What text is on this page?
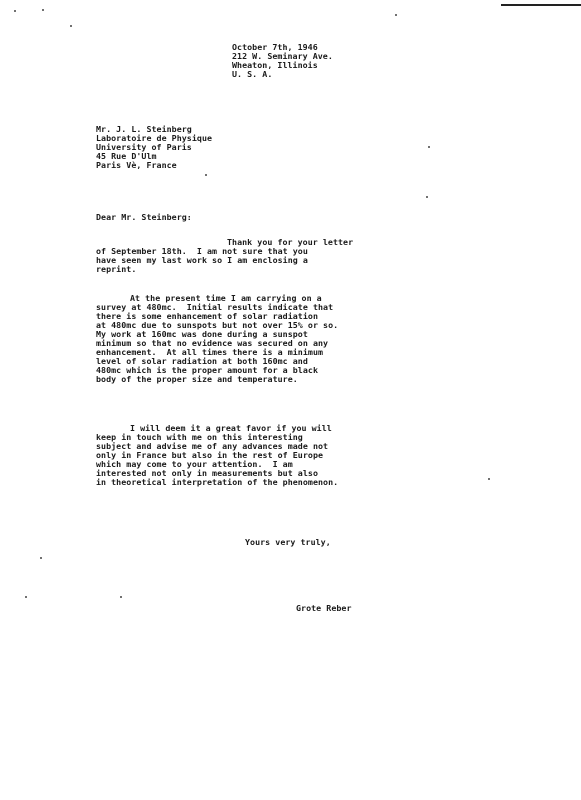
October 7th, 1946
212 W. Seminary Ave.
Wheaton, Illinois
U. S. A.
Mr. J. L. Steinberg
Laboratoire de Physique
University of Paris
45 Rue D'Ulm
Paris Vè, France
Dear Mr. Steinberg:
Thank you for your letter
of September 18th.  I am not sure that you
have seen my last work so I am enclosing a
reprint.
At the present time I am carrying on a
survey at 480mc.  Initial results indicate that
there is some enhancement of solar radiation
at 480mc due to sunspots but not over 15% or so.
My work at 160mc was done during a sunspot
minimum so that no evidence was secured on any
enhancement.  At all times there is a minimum
level of solar radiation at both 160mc and
480mc which is the proper amount for a black
body of the proper size and temperature.
I will deem it a great favor if you will
keep in touch with me on this interesting
subject and advise me of any advances made not
only in France but also in the rest of Europe
which may come to your attention.  I am
interested not only in measurements but also
in theoretical interpretation of the phenomenon.
Yours very truly,
Grote Reber
